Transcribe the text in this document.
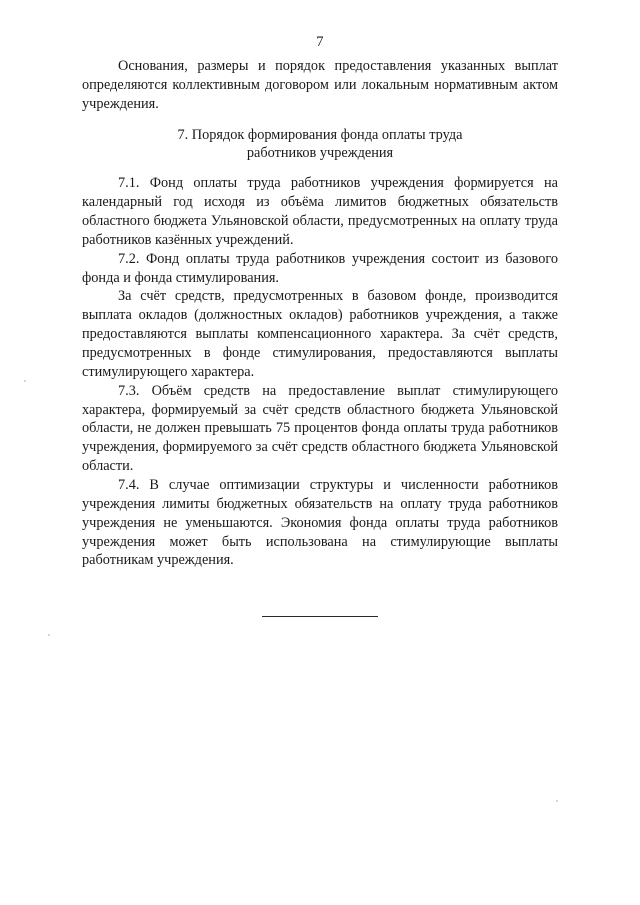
7

Основания, размеры и порядок предоставления указанных выплат определяются коллективным договором или локальным нормативным актом учреждения.

7. Порядок формирования фонда оплаты труда
работников учреждения

7.1. Фонд оплаты труда работников учреждения формируется на календарный год исходя из объёма лимитов бюджетных обязательств областного бюджета Ульяновской области, предусмотренных на оплату труда работников казённых учреждений.

7.2. Фонд оплаты труда работников учреждения состоит из базового фонда и фонда стимулирования.

За счёт средств, предусмотренных в базовом фонде, производится выплата окладов (должностных окладов) работников учреждения, а также предоставляются выплаты компенсационного характера. За счёт средств, предусмотренных в фонде стимулирования, предоставляются выплаты стимулирующего характера.

7.3. Объём средств на предоставление выплат стимулирующего характера, формируемый за счёт средств областного бюджета Ульяновской области, не должен превышать 75 процентов фонда оплаты труда работников учреждения, формируемого за счёт средств областного бюджета Ульяновской области.

7.4. В случае оптимизации структуры и численности работников учреждения лимиты бюджетных обязательств на оплату труда работников учреждения не уменьшаются. Экономия фонда оплаты труда работников учреждения может быть использована на стимулирующие выплаты работникам учреждения.
